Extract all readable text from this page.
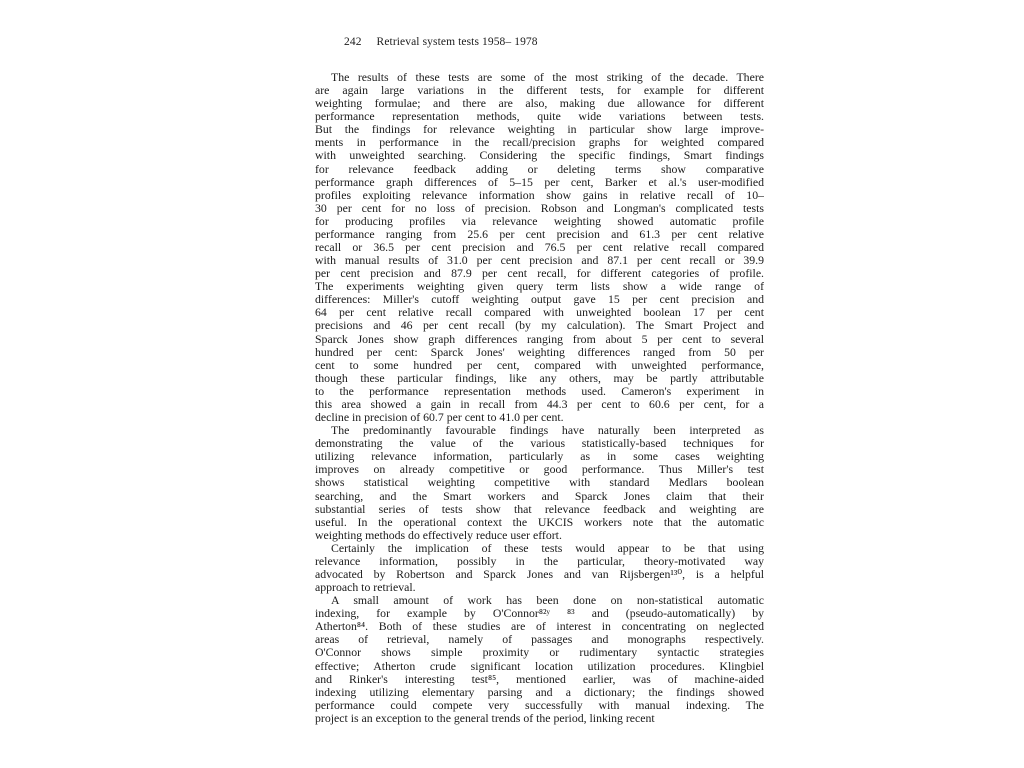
242 Retrieval system tests 1958– 1978
The results of these tests are some of the most striking of the decade. There
are again large variations in the different tests, for example for different
weighting formulae; and there are also, making due allowance for different
performance representation methods, quite wide variations between tests.
But the findings for relevance weighting in particular show large improve-
ments in performance in the recall/precision graphs for weighted compared
with unweighted searching. Considering the specific findings, Smart findings
for relevance feedback adding or deleting terms show comparative
performance graph differences of 5–15 per cent, Barker et al.'s user-modified
profiles exploiting relevance information show gains in relative recall of 10–
30 per cent for no loss of precision. Robson and Longman's complicated tests
for producing profiles via relevance weighting showed automatic profile
performance ranging from 25.6 per cent precision and 61.3 per cent relative
recall or 36.5 per cent precision and 76.5 per cent relative recall compared
with manual results of 31.0 per cent precision and 87.1 per cent recall or 39.9
per cent precision and 87.9 per cent recall, for different categories of profile.
The experiments weighting given query term lists show a wide range of
differences: Miller's cutoff weighting output gave 15 per cent precision and
64 per cent relative recall compared with unweighted boolean 17 per cent
precisions and 46 per cent recall (by my calculation). The Smart Project and
Sparck Jones show graph differences ranging from about 5 per cent to several
hundred per cent: Sparck Jones' weighting differences ranged from 50 per
cent to some hundred per cent, compared with unweighted performance,
though these particular findings, like any others, may be partly attributable
to the performance representation methods used. Cameron's experiment in
this area showed a gain in recall from 44.3 per cent to 60.6 per cent, for a
decline in precision of 60.7 per cent to 41.0 per cent.
The predominantly favourable findings have naturally been interpreted as
demonstrating the value of the various statistically-based techniques for
utilizing relevance information, particularly as in some cases weighting
improves on already competitive or good performance. Thus Miller's test
shows statistical weighting competitive with standard Medlars boolean
searching, and the Smart workers and Sparck Jones claim that their
substantial series of tests show that relevance feedback and weighting are
useful. In the operational context the UKCIS workers note that the automatic
weighting methods do effectively reduce user effort.
Certainly the implication of these tests would appear to be that using
relevance information, possibly in the particular, theory-motivated way
advocated by Robertson and Sparck Jones and van Rijsbergen¹³⁰, is a helpful
approach to retrieval.
A small amount of work has been done on non-statistical automatic
indexing, for example by O'Connor⁸²ʸ ⁸³ and (pseudo-automatically) by
Atherton⁸⁴. Both of these studies are of interest in concentrating on neglected
areas of retrieval, namely of passages and monographs respectively.
O'Connor shows simple proximity or rudimentary syntactic strategies
effective; Atherton crude significant location utilization procedures. Klingbiel
and Rinker's interesting test⁸⁵, mentioned earlier, was of machine-aided
indexing utilizing elementary parsing and a dictionary; the findings showed
performance could compete very successfully with manual indexing. The
project is an exception to the general trends of the period, linking recent
